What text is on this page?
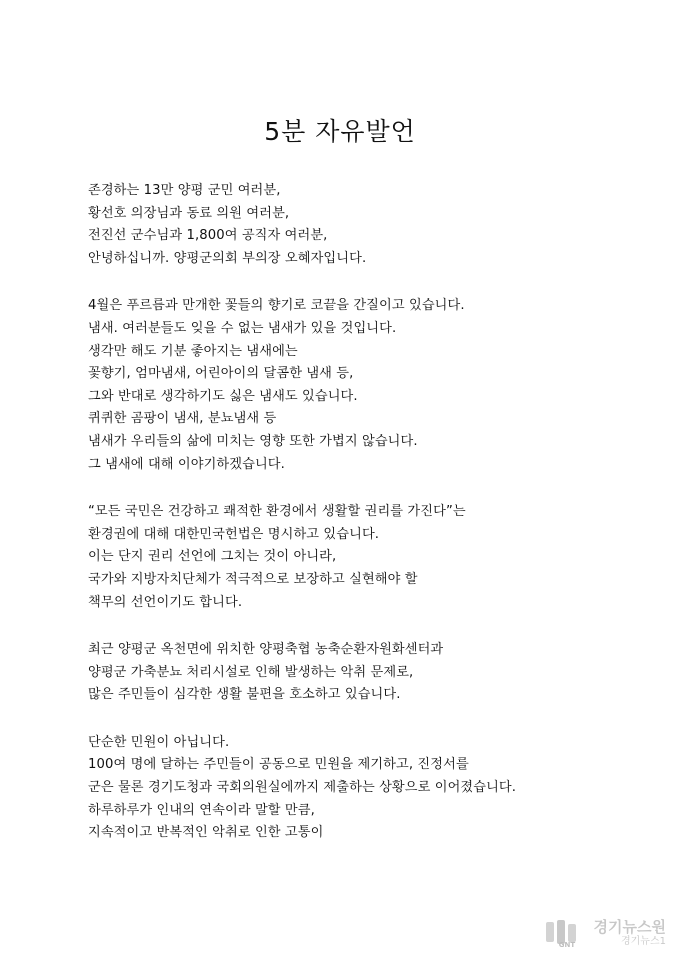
5분 자유발언
존경하는 13만 양평 군민 여러분,
황선호 의장님과 동료 의원 여러분,
전진선 군수님과 1,800여 공직자 여러분,
안녕하십니까. 양평군의회 부의장 오혜자입니다.
4월은 푸르름과 만개한 꽃들의 향기로 코끝을 간질이고 있습니다.
냄새. 여러분들도 잊을 수 없는 냄새가 있을 것입니다.
생각만 해도 기분 좋아지는 냄새에는
꽃향기, 엄마냄새, 어린아이의 달콤한 냄새 등,
그와 반대로 생각하기도 싫은 냄새도 있습니다.
퀴퀴한 곰팡이 냄새, 분뇨냄새 등
냄새가 우리들의 삶에 미치는 영향 또한 가볍지 않습니다.
그 냄새에 대해 이야기하겠습니다.
“모든 국민은 건강하고 쾌적한 환경에서 생활할 권리를 가진다”는
환경권에 대해 대한민국헌법은 명시하고 있습니다.
이는 단지 권리 선언에 그치는 것이 아니라,
국가와 지방자치단체가 적극적으로 보장하고 실현해야 할
책무의 선언이기도 합니다.
최근 양평군 옥천면에 위치한 양평축협 농축순환자원화센터과
양평군 가축분뇨 처리시설로 인해 발생하는 악취 문제로,
많은 주민들이 심각한 생활 불편을 호소하고 있습니다.
단순한 민원이 아닙니다.
100여 명에 달하는 주민들이 공동으로 민원을 제기하고, 진정서를
군은 물론 경기도청과 국회의원실에까지 제출하는 상황으로 이어졌습니다.
하루하루가 인내의 연속이라 말할 만큼,
지속적이고 반복적인 악취로 인한 고통이
GNT
경기뉴스원
경기뉴스1
